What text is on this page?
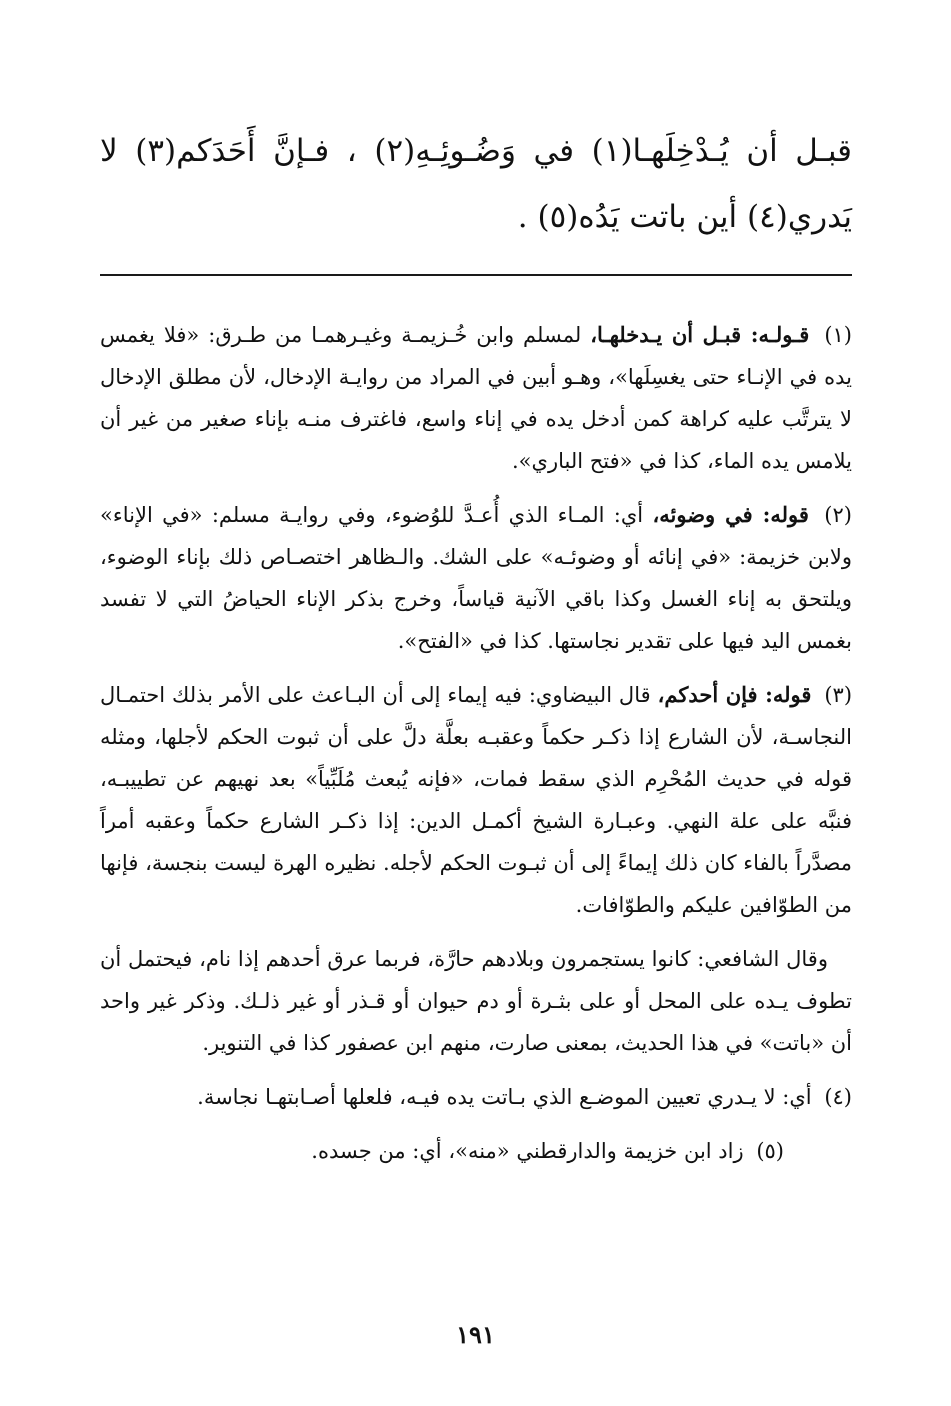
قبـل أن يُـدْخِلَهـا(١) في وَضُـوئِـهِ(٢) ، فـإنَّ أَحَدَكم(٣) لا يَدري(٤) أين باتت يَدُه(٥) .

(١) قـولـه: قبـل أن يـدخلهـا، لمسلم وابن خُـزيمـة وغيـرهمـا من طـرق: «فلا يغمس يده في الإنـاء حتى يغسِلَها»، وهـو أبين في المراد من روايـة الإدخال، لأن مطلق الإدخال لا يترتَّب عليه كراهة كمن أدخل يده في إناء واسع، فاغترف منـه بإناء صغير من غير أن يلامس يده الماء، كذا في «فتح الباري».

(٢) قوله: في وضوئه، أي: المـاء الذي أُعـدَّ للوُضوء، وفي روايـة مسلم: «في الإناء» ولابن خزيمة: «في إنائه أو وضوئـه» على الشك. والـظاهر اختصـاص ذلك بإناء الوضوء، ويلتحق به إناء الغسل وكذا باقي الآنية قياساً، وخرج بذكر الإناء الحياضُ التي لا تفسد بغمس اليد فيها على تقدير نجاستها. كذا في «الفتح».

(٣) قوله: فإن أحدكم، قال البيضاوي: فيه إيماء إلى أن البـاعث على الأمر بذلك احتمـال النجاسـة، لأن الشارع إذا ذكـر حكماً وعقبـه بعلَّة دلَّ على أن ثبوت الحكم لأجلها، ومثله قوله في حديث المُحْرِم الذي سقط فمات، «فإنه يُبعث مُلَبِّياً» بعد نهيهم عن تطييبـه، فنبَّه على علة النهي. وعبـارة الشيخ أكمـل الدين: إذا ذكـر الشارع حكماً وعقبه أمراً مصدَّراً بالفاء كان ذلك إيماءً إلى أن ثبـوت الحكم لأجله. نظيره الهرة ليست بنجسة، فإنها من الطوّافين عليكم والطوّافات.

وقال الشافعي: كانوا يستجمرون وبلادهم حارَّة، فربما عرق أحدهم إذا نام، فيحتمل أن تطوف يـده على المحل أو على بثـرة أو دم حيوان أو قـذر أو غير ذلـك. وذكر غير واحد أن «باتت» في هذا الحديث، بمعنى صارت، منهم ابن عصفور كذا في التنوير.

(٤) أي: لا يـدري تعيين الموضـع الذي بـاتت يده فيـه، فلعلها أصـابتهـا نجاسة.

(٥) زاد ابن خزيمة والدارقطني «منه»، أي: من جسده.

١٩١
